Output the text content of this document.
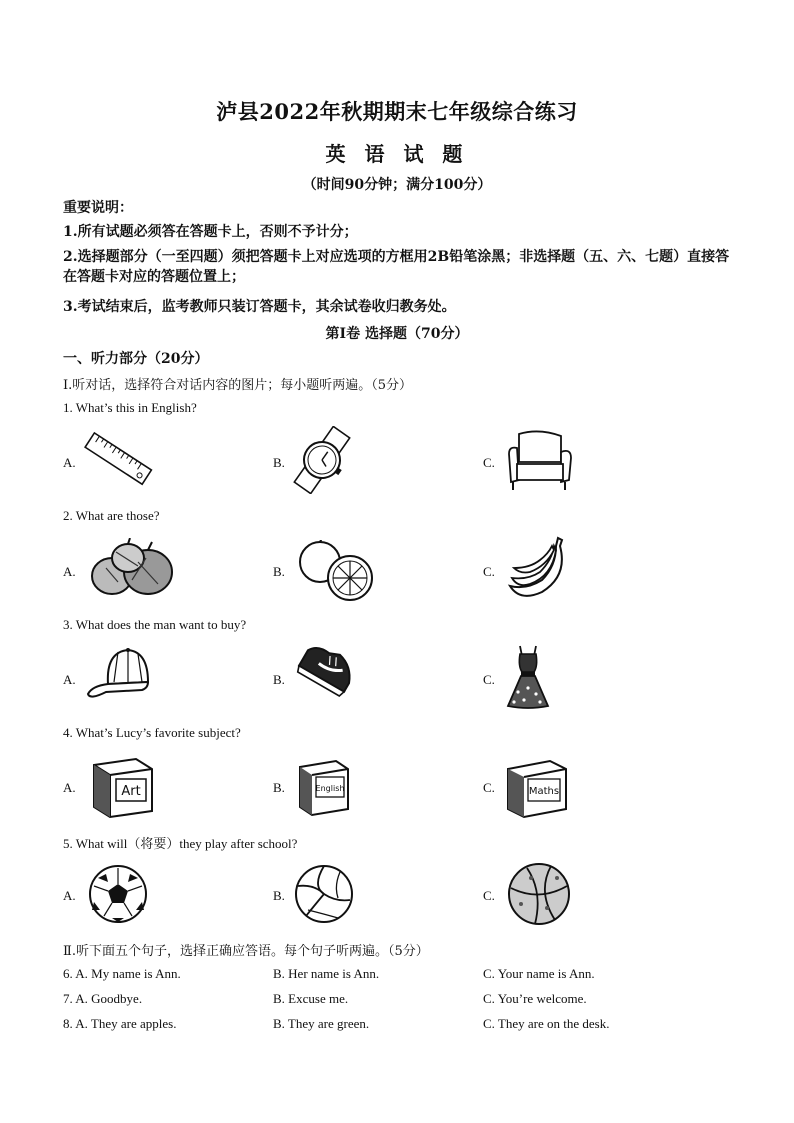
泸县2022年秋期期末七年级综合练习
英 语 试 题
（时间90分钟；满分100分）
重要说明：
1.所有试题必须答在答题卡上，否则不予计分；
2.选择题部分（一至四题）须把答题卡上对应选项的方框用2B铅笔涂黑；非选择题（五、六、七题）直接答在答题卡对应的答题位置上；
3.考试结束后，监考教师只装订答题卡，其余试卷收归教务处。
第Ⅰ卷 选择题（70分）
一、听力部分（20分）
Ⅰ.听对话，选择符合对话内容的图片；每小题听两遍。（5分）
1. What’s this in English?
A.	B.	C.
2. What are those?
A.	B.	C.
3. What does the man want to buy?
A.	B.	C.
4. What’s Lucy’s favorite subject?
A.	Art	B.	English	C.	Maths
5. What will（将要）they play after school?
A.	B.	C.
Ⅱ.听下面五个句子，选择正确应答语。每个句子听两遍。（5分）
6. A. My name is Ann.	B. Her name is Ann.	C. Your name is Ann.
7. A. Goodbye.	B. Excuse me.	C. You’re welcome.
8. A. They are apples.	B. They are green.	C. They are on the desk.
